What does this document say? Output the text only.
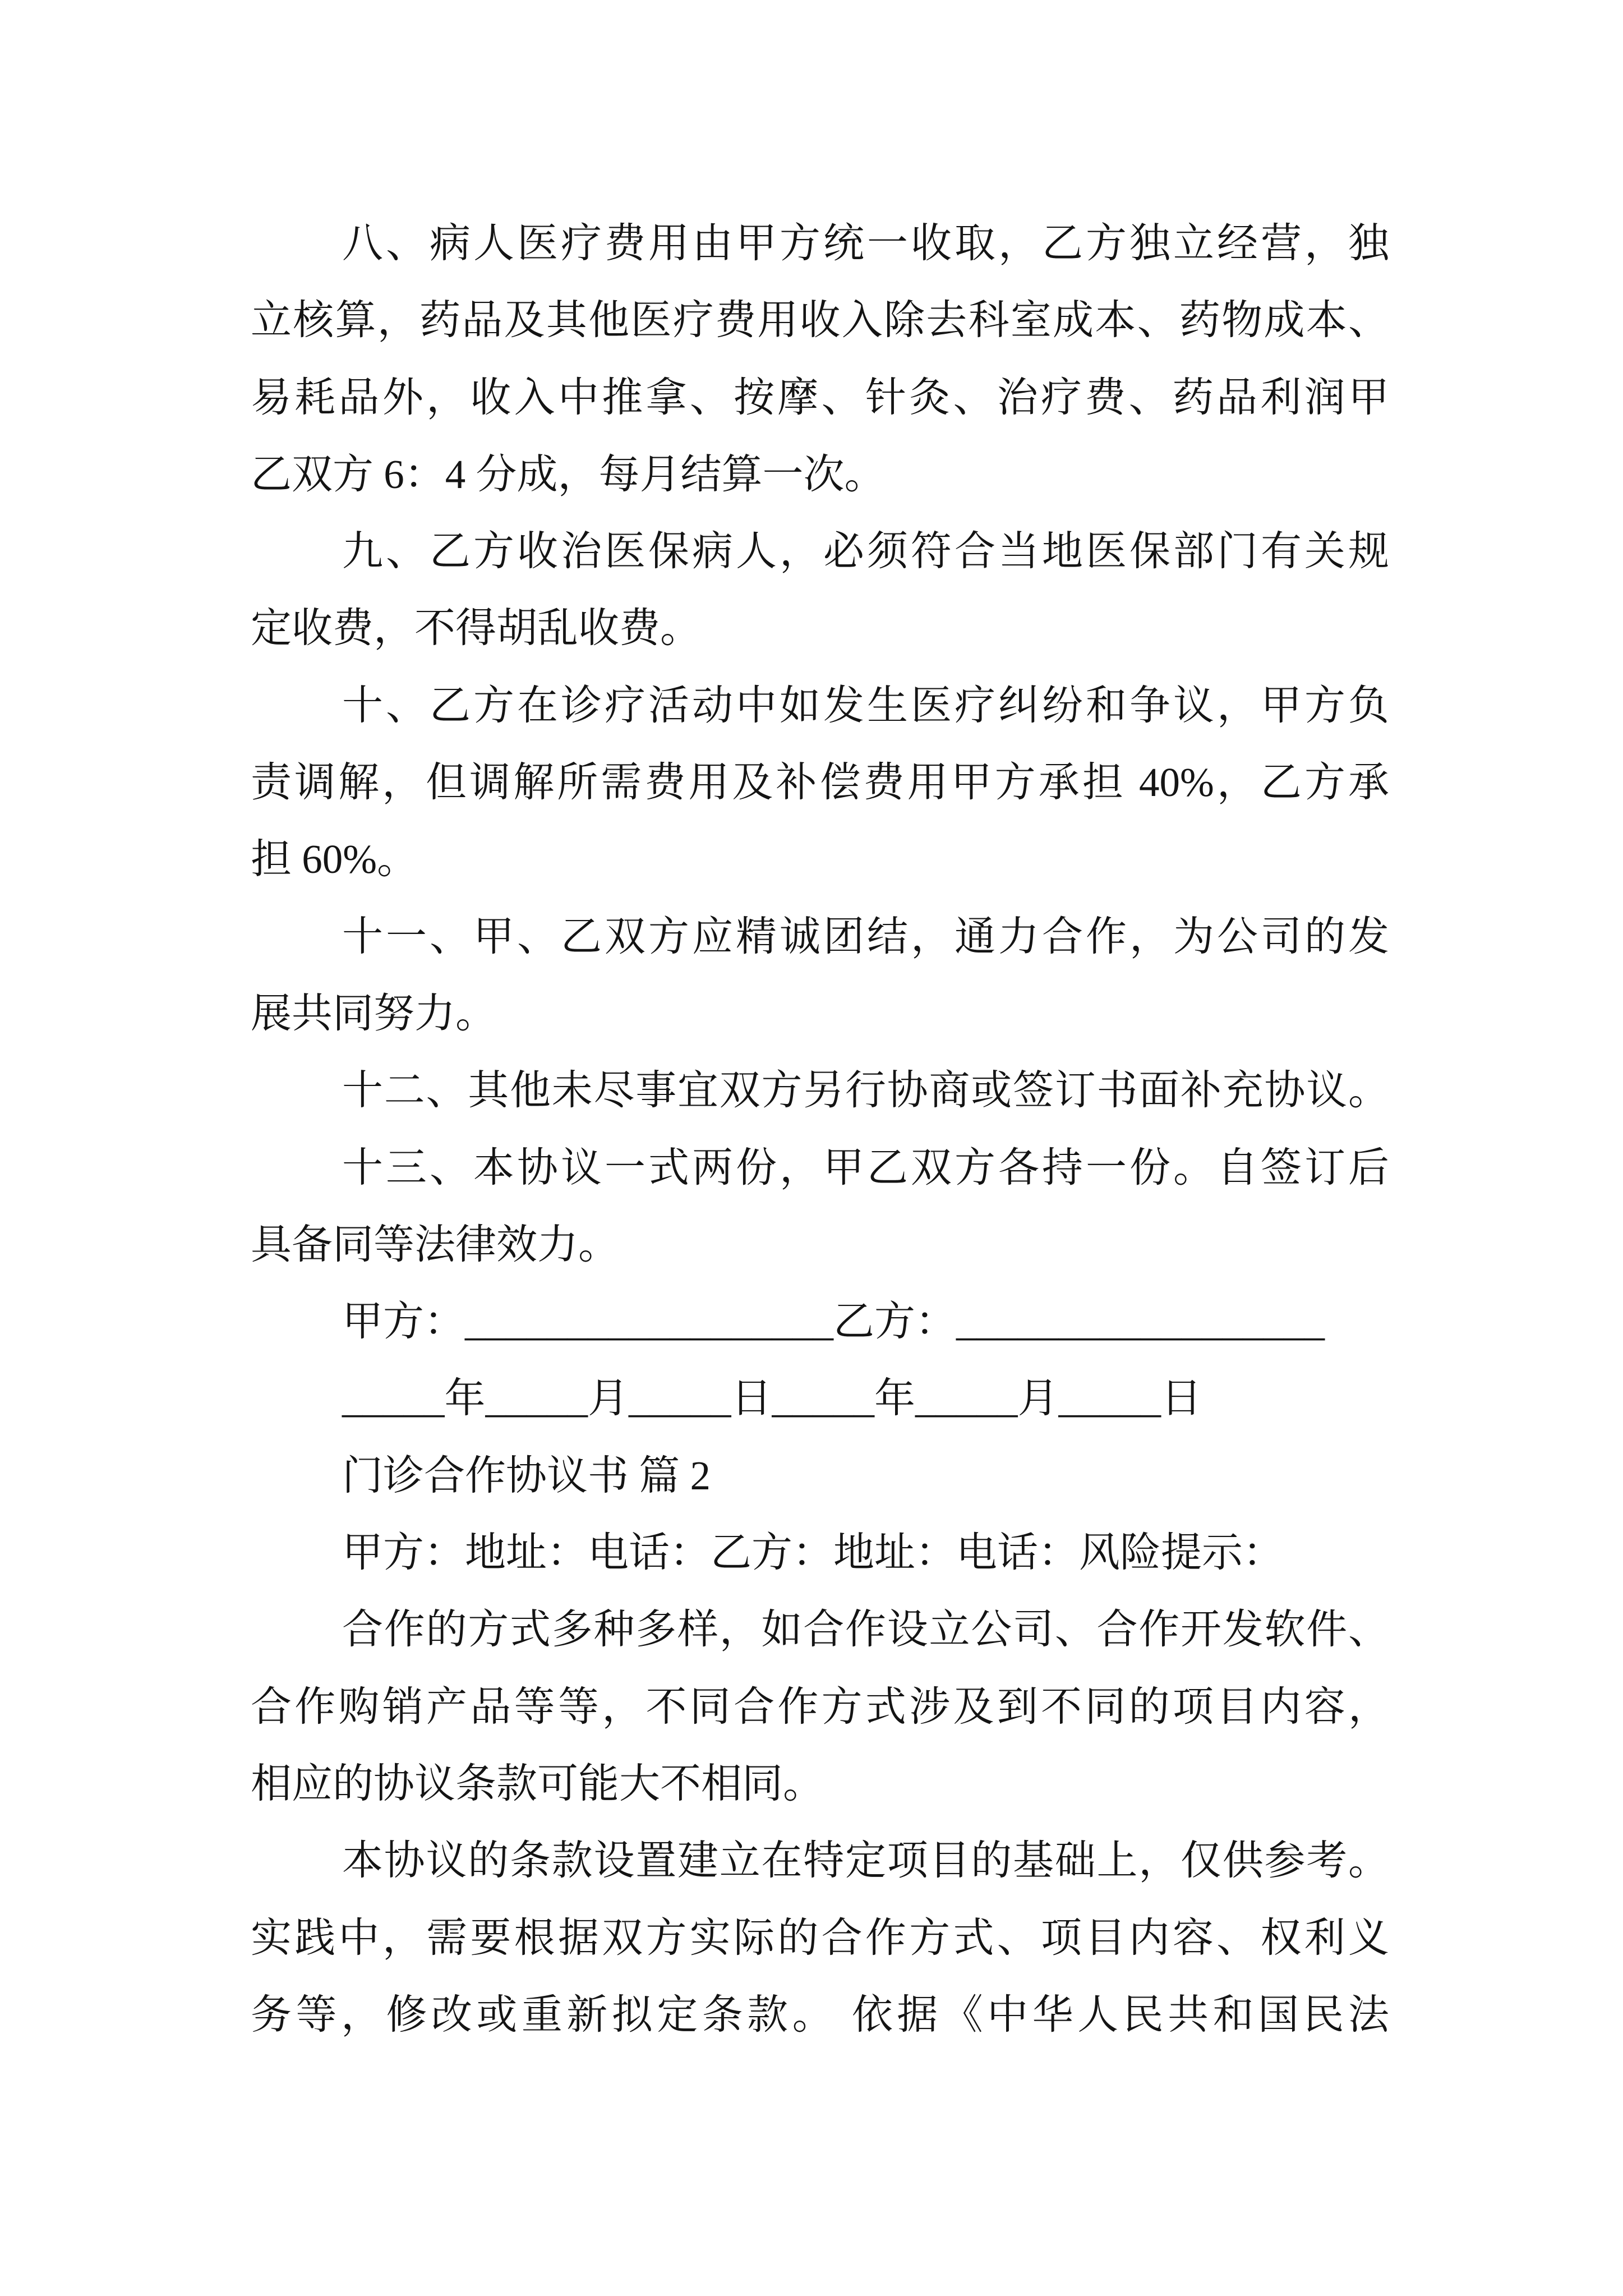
八、病人医疗费用由甲方统一收取，乙方独立经营，独
立核算，药品及其他医疗费用收入除去科室成本、药物成本、
易耗品外，收入中推拿、按摩、针灸、治疗费、药品利润甲
乙双方 6：4 分成，每月结算一次。
九、乙方收治医保病人，必须符合当地医保部门有关规
定收费，不得胡乱收费。
十、乙方在诊疗活动中如发生医疗纠纷和争议，甲方负
责调解，但调解所需费用及补偿费用甲方承担 40%，乙方承
担 60%。
十一、甲、乙双方应精诚团结，通力合作，为公司的发
展共同努力。
十二、其他未尽事宜双方另行协商或签订书面补充协议。
十三、本协议一式两份，甲乙双方各持一份。自签订后
具备同等法律效力。
甲方：__________________乙方：__________________
_____年_____月_____日_____年_____月_____日
门诊合作协议书 篇 2
甲方：地址：电话：乙方：地址：电话：风险提示：
合作的方式多种多样，如合作设立公司、合作开发软件、
合作购销产品等等，不同合作方式涉及到不同的项目内容，
相应的协议条款可能大不相同。
本协议的条款设置建立在特定项目的基础上，仅供参考。
实践中，需要根据双方实际的合作方式、项目内容、权利义
务等，修改或重新拟定条款。 依据《中华人民共和国民法
